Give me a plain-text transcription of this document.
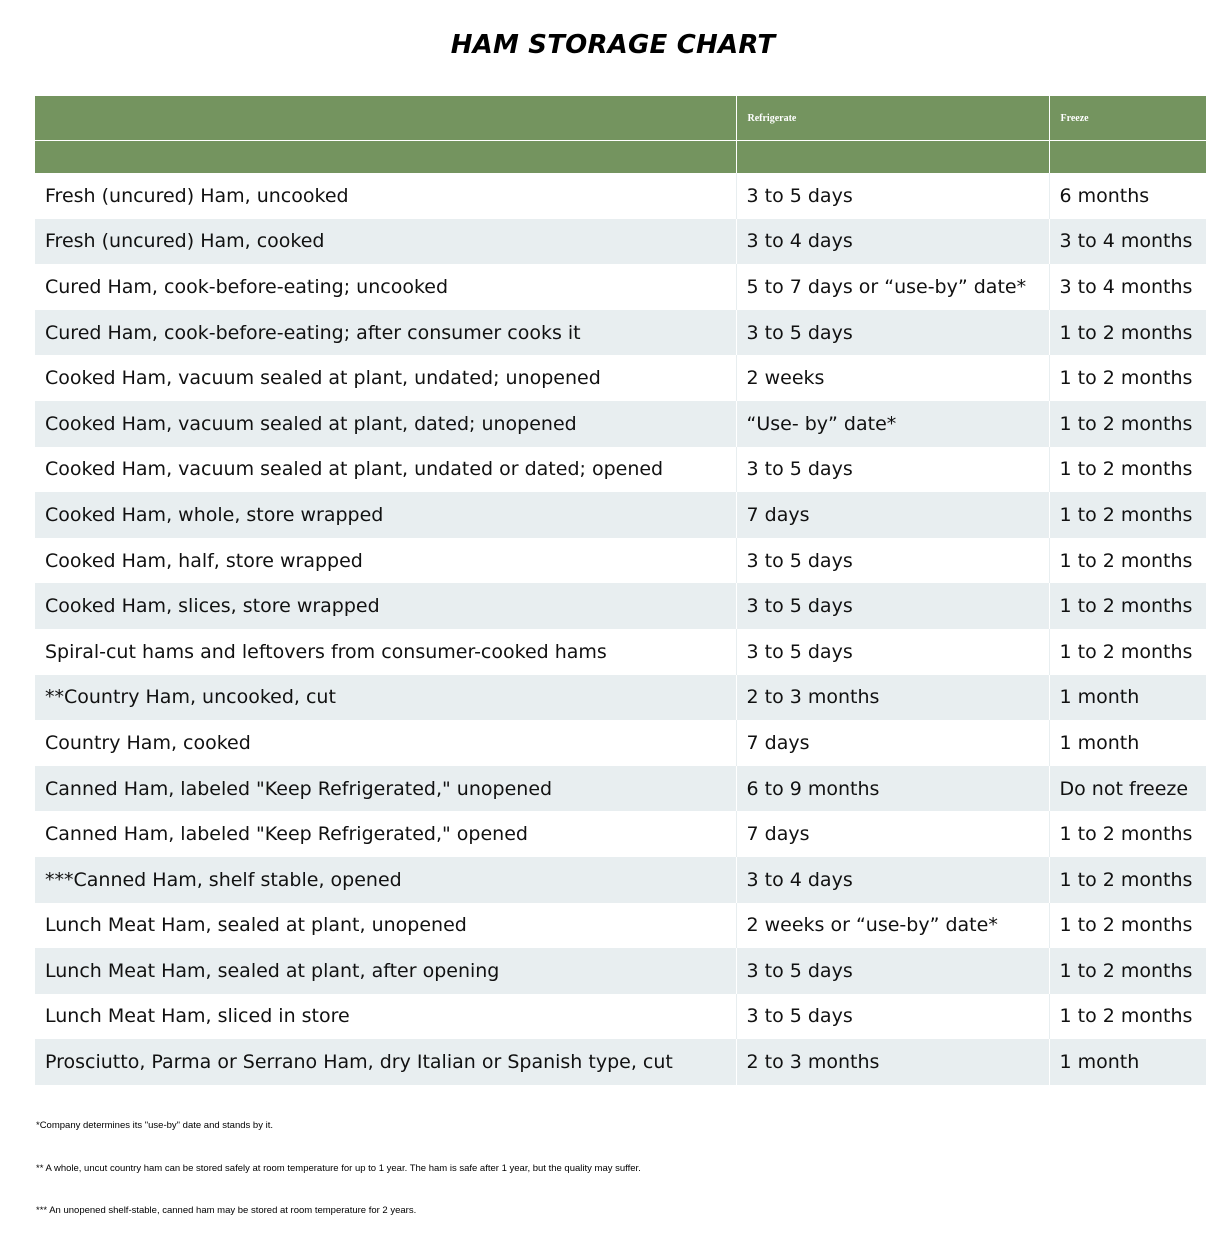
HAM STORAGE CHART
	Refrigerate	Freeze

Fresh (uncured) Ham, uncooked	3 to 5 days	6 months
Fresh (uncured) Ham, cooked	3 to 4 days	3 to 4 months
Cured Ham, cook-before-eating; uncooked	5 to 7 days or “use-by” date*	3 to 4 months
Cured Ham, cook-before-eating; after consumer cooks it	3 to 5 days	1 to 2 months
Cooked Ham, vacuum sealed at plant, undated; unopened	2 weeks	1 to 2 months
Cooked Ham, vacuum sealed at plant, dated; unopened	“Use- by” date*	1 to 2 months
Cooked Ham, vacuum sealed at plant, undated or dated; opened	3 to 5 days	1 to 2 months
Cooked Ham, whole, store wrapped	7 days	1 to 2 months
Cooked Ham, half, store wrapped	3 to 5 days	1 to 2 months
Cooked Ham, slices, store wrapped	3 to 5 days	1 to 2 months
Spiral-cut hams and leftovers from consumer-cooked hams	3 to 5 days	1 to 2 months
**Country Ham, uncooked, cut	2 to 3 months	1 month
Country Ham, cooked	7 days	1 month
Canned Ham, labeled "Keep Refrigerated," unopened	6 to 9 months	Do not freeze
Canned Ham, labeled "Keep Refrigerated," opened	7 days	1 to 2 months
***Canned Ham, shelf stable, opened	3 to 4 days	1 to 2 months
Lunch Meat Ham, sealed at plant, unopened	2 weeks or “use-by” date*	1 to 2 months
Lunch Meat Ham, sealed at plant, after opening	3 to 5 days	1 to 2 months
Lunch Meat Ham, sliced in store	3 to 5 days	1 to 2 months
Prosciutto, Parma or Serrano Ham, dry Italian or Spanish type, cut	2 to 3 months	1 month
*Company determines its "use-by" date and stands by it.
** A whole, uncut country ham can be stored safely at room temperature for up to 1 year. The ham is safe after 1 year, but the quality may suffer.
*** An unopened shelf-stable, canned ham may be stored at room temperature for 2 years.
